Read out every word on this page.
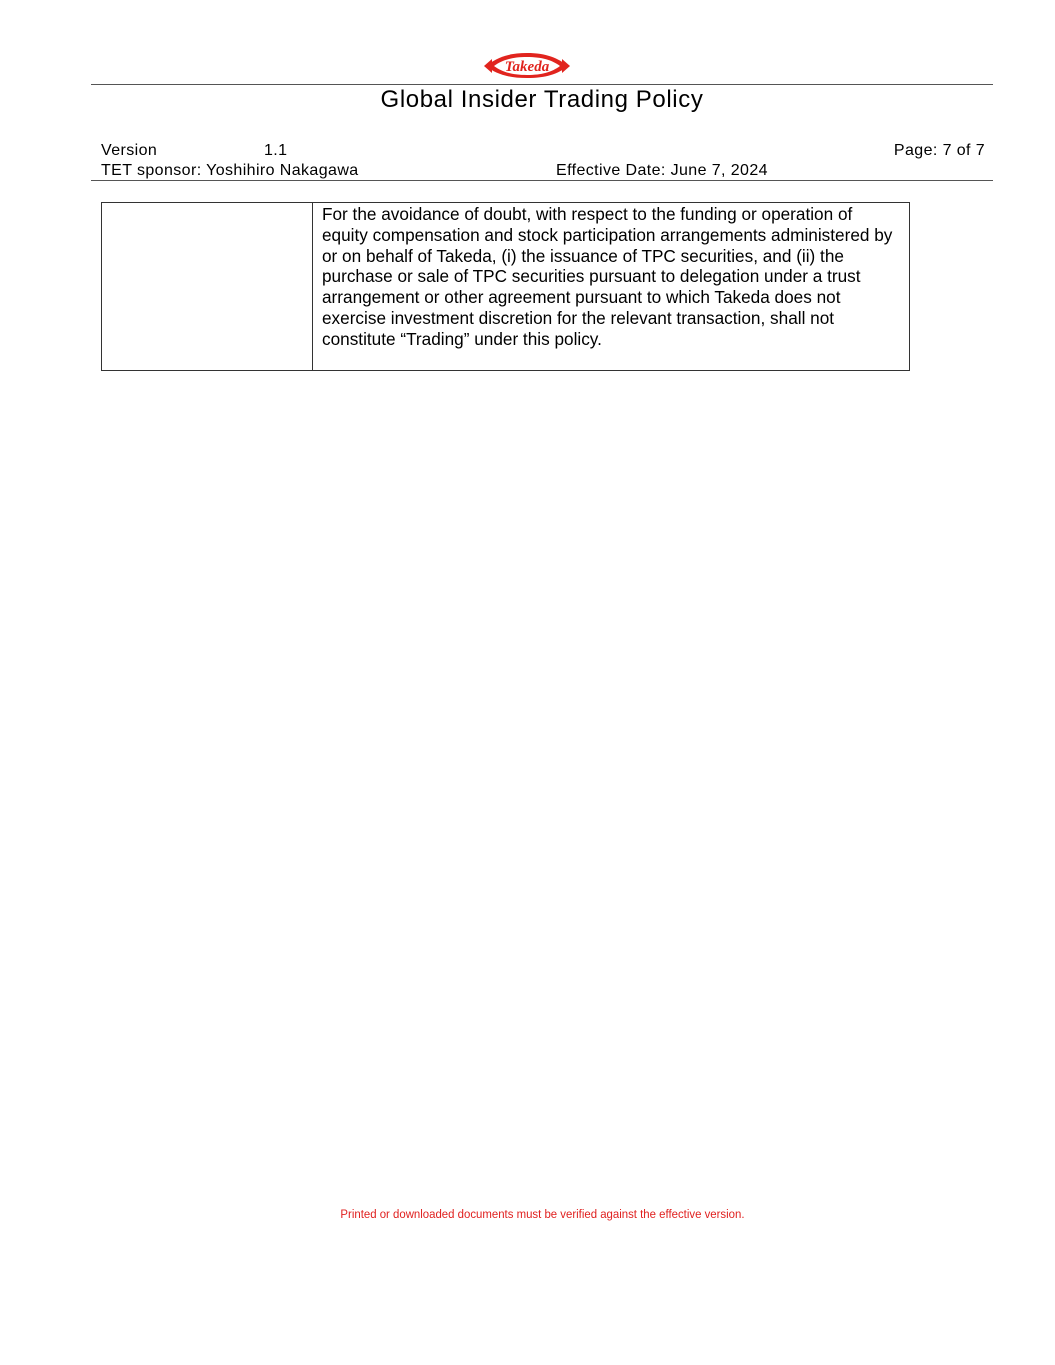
Takeda
Global Insider Trading Policy
Version	1.1	Page: 7 of 7
TET sponsor: Yoshihiro Nakagawa	Effective Date: June 7, 2024
	For the avoidance of doubt, with respect to the funding or operation of equity compensation and stock participation arrangements administered by or on behalf of Takeda, (i) the issuance of TPC securities, and (ii) the purchase or sale of TPC securities pursuant to delegation under a trust arrangement or other agreement pursuant to which Takeda does not exercise investment discretion for the relevant transaction, shall not constitute “Trading” under this policy.
Printed or downloaded documents must be verified against the effective version.
